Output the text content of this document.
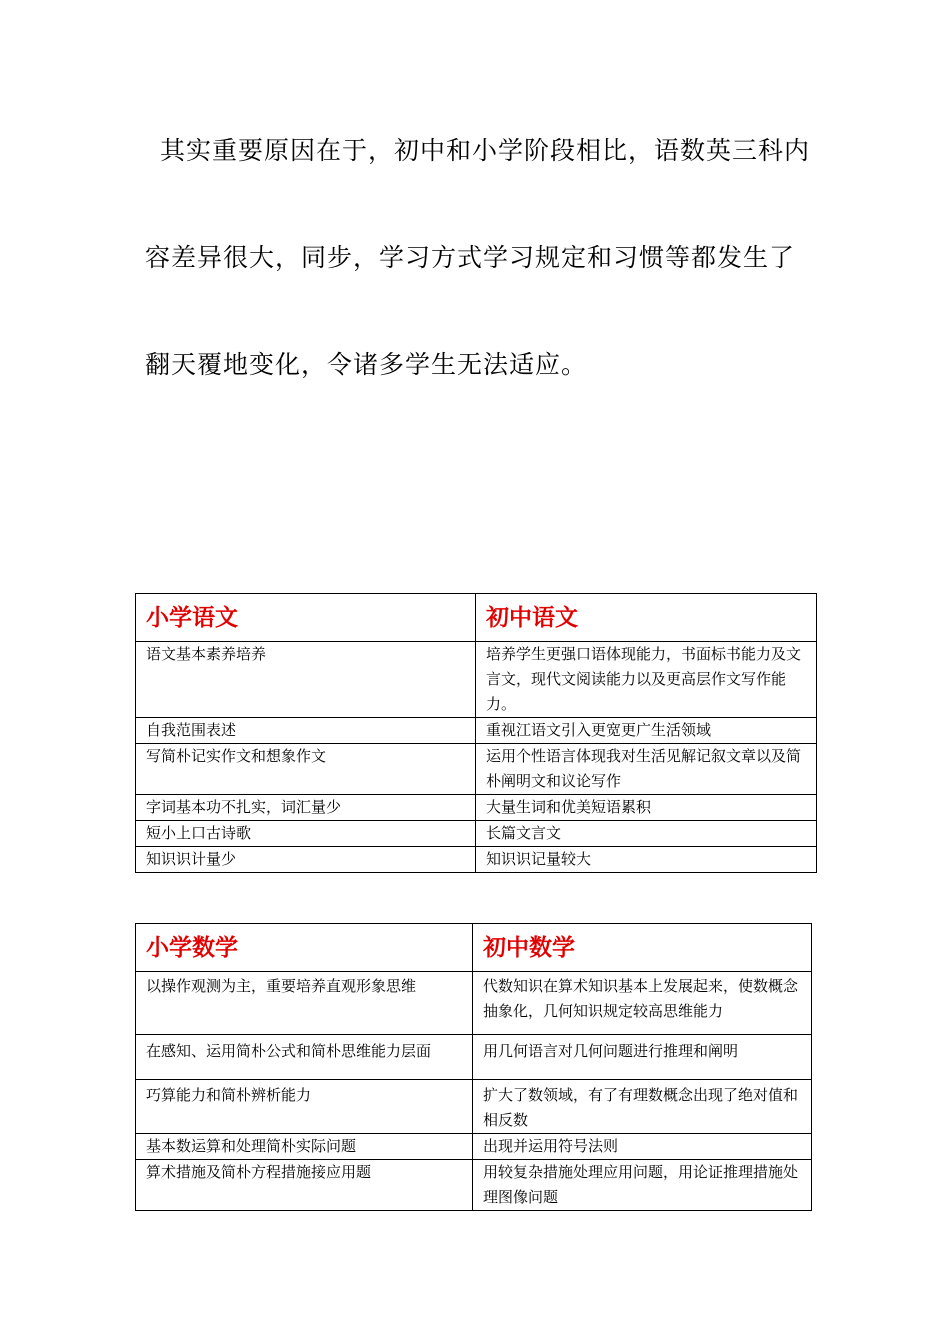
其实重要原因在于，初中和小学阶段相比，语数英三科内
容差异很大，同步，学习方式学习规定和习惯等都发生了
翻天覆地变化，令诸多学生无法适应。
小学语文	初中语文
语文基本素养培养	培养学生更强口语体现能力，书面标书能力及文言文，现代文阅读能力以及更高层作文写作能力。
自我范围表述	重视江语文引入更宽更广生活领域
写简朴记实作文和想象作文	运用个性语言体现我对生活见解记叙文章以及简朴阐明文和议论写作
字词基本功不扎实，词汇量少	大量生词和优美短语累积
短小上口古诗歌	长篇文言文
知识识计量少	知识识记量较大
小学数学	初中数学
以操作观测为主，重要培养直观形象思维	代数知识在算术知识基本上发展起来，使数概念抽象化，几何知识规定较高思维能力
在感知、运用简朴公式和简朴思维能力层面	用几何语言对几何问题进行推理和阐明
巧算能力和简朴辨析能力	扩大了数领域，有了有理数概念出现了绝对值和相反数
基本数运算和处理简朴实际问题	出现并运用符号法则
算术措施及简朴方程措施接应用题	用较复杂措施处理应用问题，用论证推理措施处理图像问题
